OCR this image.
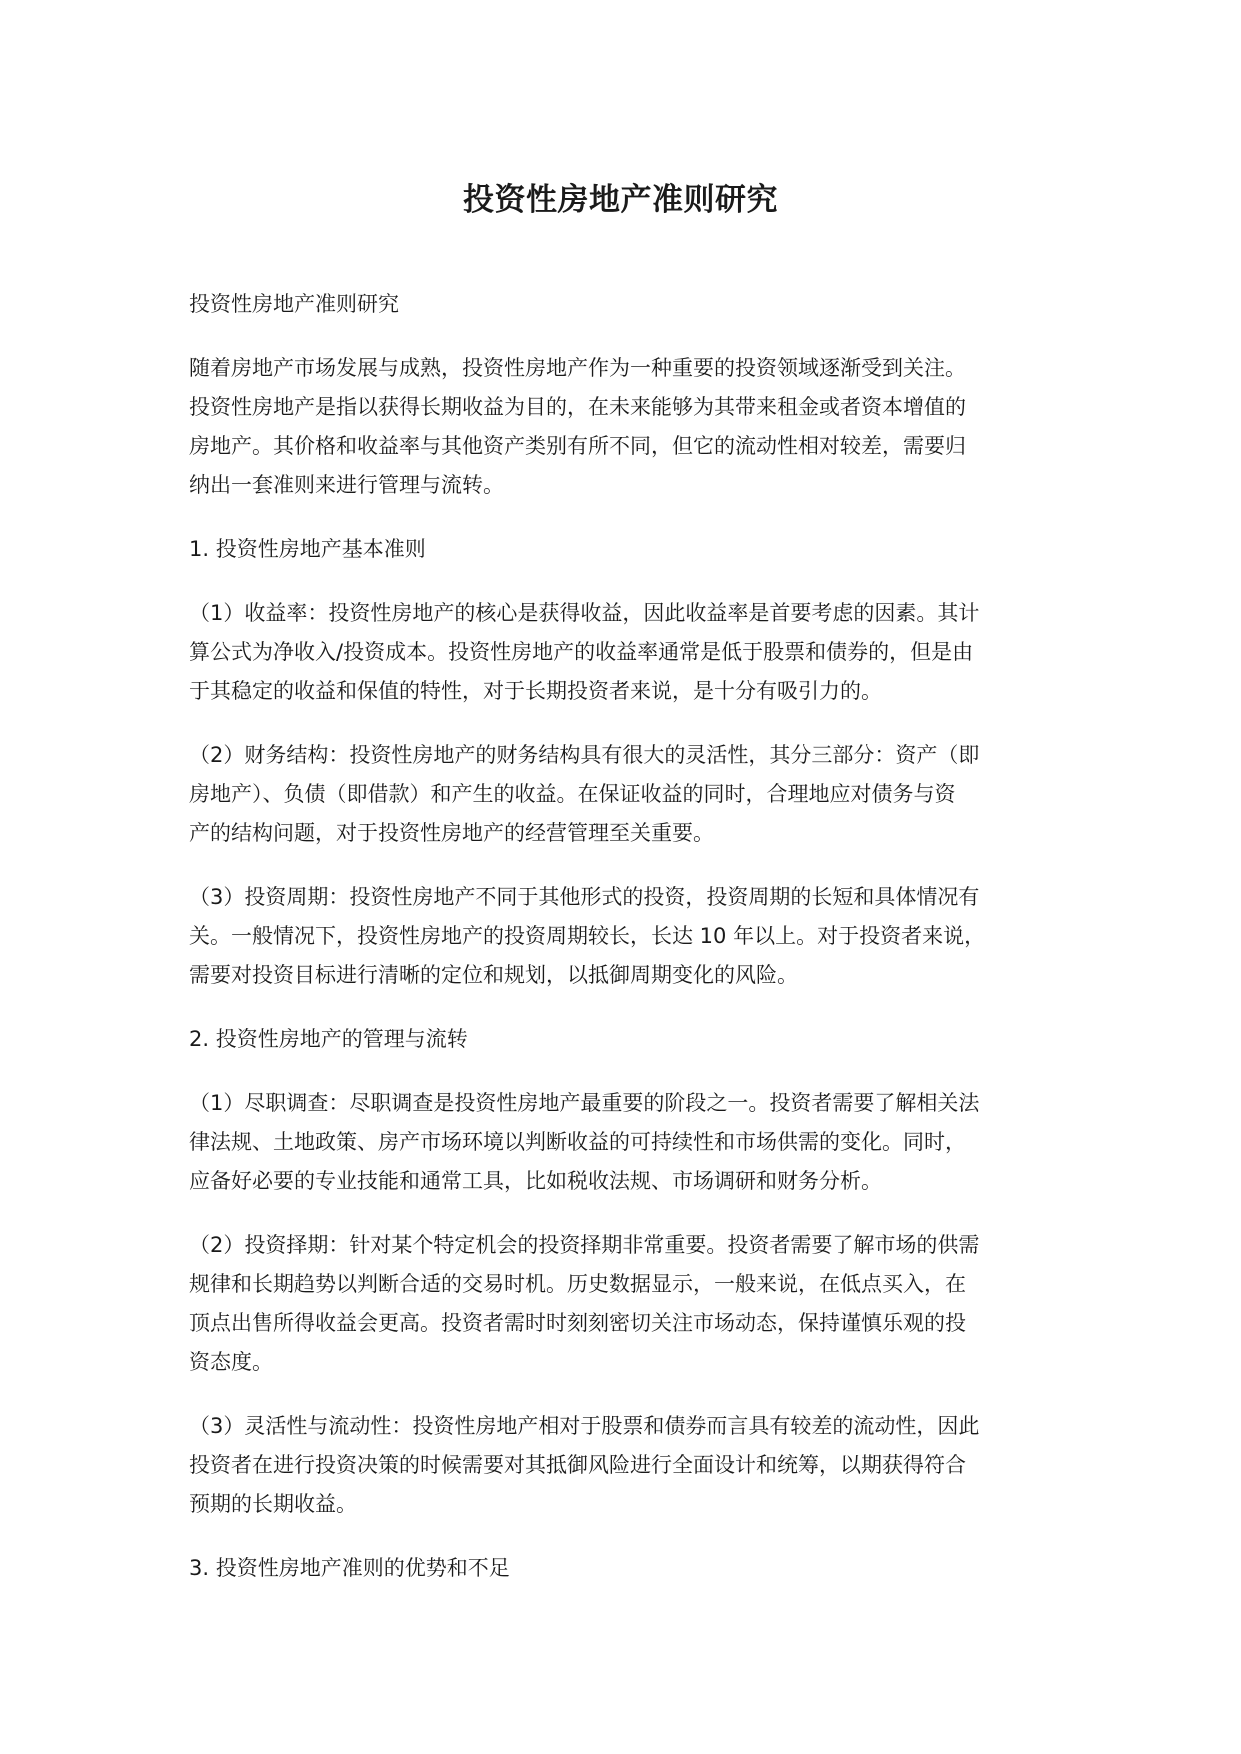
投资性房地产准则研究
投资性房地产准则研究
随着房地产市场发展与成熟，投资性房地产作为一种重要的投资领域逐渐受到关注。
投资性房地产是指以获得长期收益为目的，在未来能够为其带来租金或者资本增值的
房地产。其价格和收益率与其他资产类别有所不同，但它的流动性相对较差，需要归
纳出一套准则来进行管理与流转。
1. 投资性房地产基本准则
（1）收益率：投资性房地产的核心是获得收益，因此收益率是首要考虑的因素。其计
算公式为净收入/投资成本。投资性房地产的收益率通常是低于股票和债券的，但是由
于其稳定的收益和保值的特性，对于长期投资者来说，是十分有吸引力的。
（2）财务结构：投资性房地产的财务结构具有很大的灵活性，其分三部分：资产（即
房地产）、负债（即借款）和产生的收益。在保证收益的同时，合理地应对债务与资
产的结构问题，对于投资性房地产的经营管理至关重要。
（3）投资周期：投资性房地产不同于其他形式的投资，投资周期的长短和具体情况有
关。一般情况下，投资性房地产的投资周期较长，长达 10 年以上。对于投资者来说，
需要对投资目标进行清晰的定位和规划，以抵御周期变化的风险。
2. 投资性房地产的管理与流转
（1）尽职调查：尽职调查是投资性房地产最重要的阶段之一。投资者需要了解相关法
律法规、土地政策、房产市场环境以判断收益的可持续性和市场供需的变化。同时，
应备好必要的专业技能和通常工具，比如税收法规、市场调研和财务分析。
（2）投资择期：针对某个特定机会的投资择期非常重要。投资者需要了解市场的供需
规律和长期趋势以判断合适的交易时机。历史数据显示，一般来说，在低点买入，在
顶点出售所得收益会更高。投资者需时时刻刻密切关注市场动态，保持谨慎乐观的投
资态度。
（3）灵活性与流动性：投资性房地产相对于股票和债券而言具有较差的流动性，因此
投资者在进行投资决策的时候需要对其抵御风险进行全面设计和统筹，以期获得符合
预期的长期收益。
3. 投资性房地产准则的优势和不足
